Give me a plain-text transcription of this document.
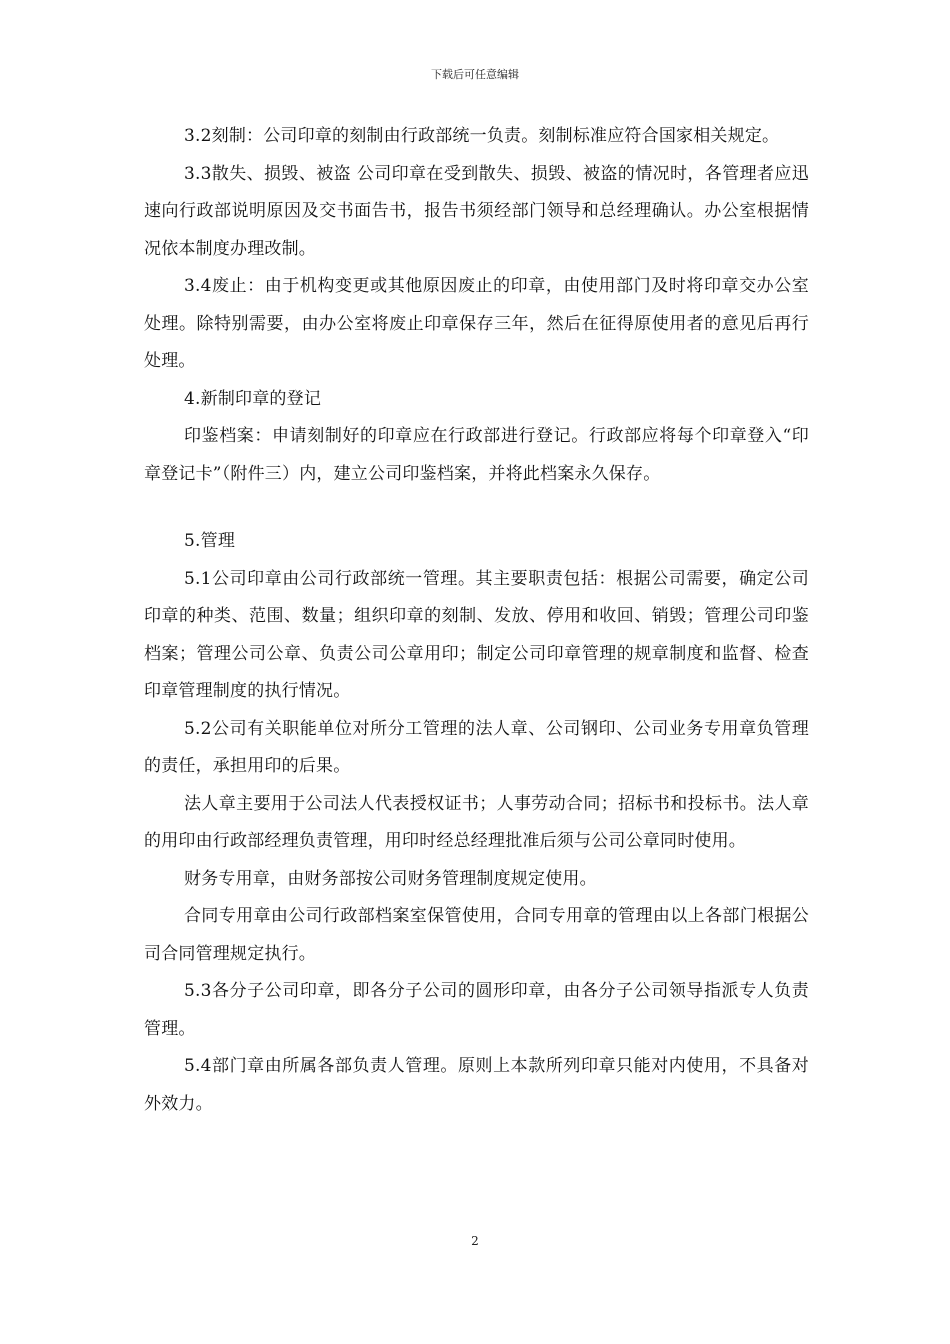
下载后可任意编辑

3.2刻制：公司印章的刻制由行政部统一负责。刻制标准应符合国家相关规定。

3.3散失、损毁、被盗 公司印章在受到散失、损毁、被盗的情况时，各管理者应迅速向行政部说明原因及交书面告书，报告书须经部门领导和总经理确认。办公室根据情况依本制度办理改制。

3.4废止：由于机构变更或其他原因废止的印章，由使用部门及时将印章交办公室处理。除特别需要，由办公室将废止印章保存三年，然后在征得原使用者的意见后再行处理。

4.新制印章的登记

印鉴档案：申请刻制好的印章应在行政部进行登记。行政部应将每个印章登入“印章登记卡”（附件三）内，建立公司印鉴档案，并将此档案永久保存。

5.管理

5.1公司印章由公司行政部统一管理。其主要职责包括：根据公司需要，确定公司印章的种类、范围、数量；组织印章的刻制、发放、停用和收回、销毁；管理公司印鉴档案；管理公司公章、负责公司公章用印；制定公司印章管理的规章制度和监督、检查印章管理制度的执行情况。

5.2公司有关职能单位对所分工管理的法人章、公司钢印、公司业务专用章负管理的责任，承担用印的后果。

法人章主要用于公司法人代表授权证书；人事劳动合同；招标书和投标书。法人章的用印由行政部经理负责管理，用印时经总经理批准后须与公司公章同时使用。

财务专用章，由财务部按公司财务管理制度规定使用。

合同专用章由公司行政部档案室保管使用，合同专用章的管理由以上各部门根据公司合同管理规定执行。

5.3各分子公司印章，即各分子公司的圆形印章，由各分子公司领导指派专人负责管理。

5.4部门章由所属各部负责人管理。原则上本款所列印章只能对内使用，不具备对外效力。

2
